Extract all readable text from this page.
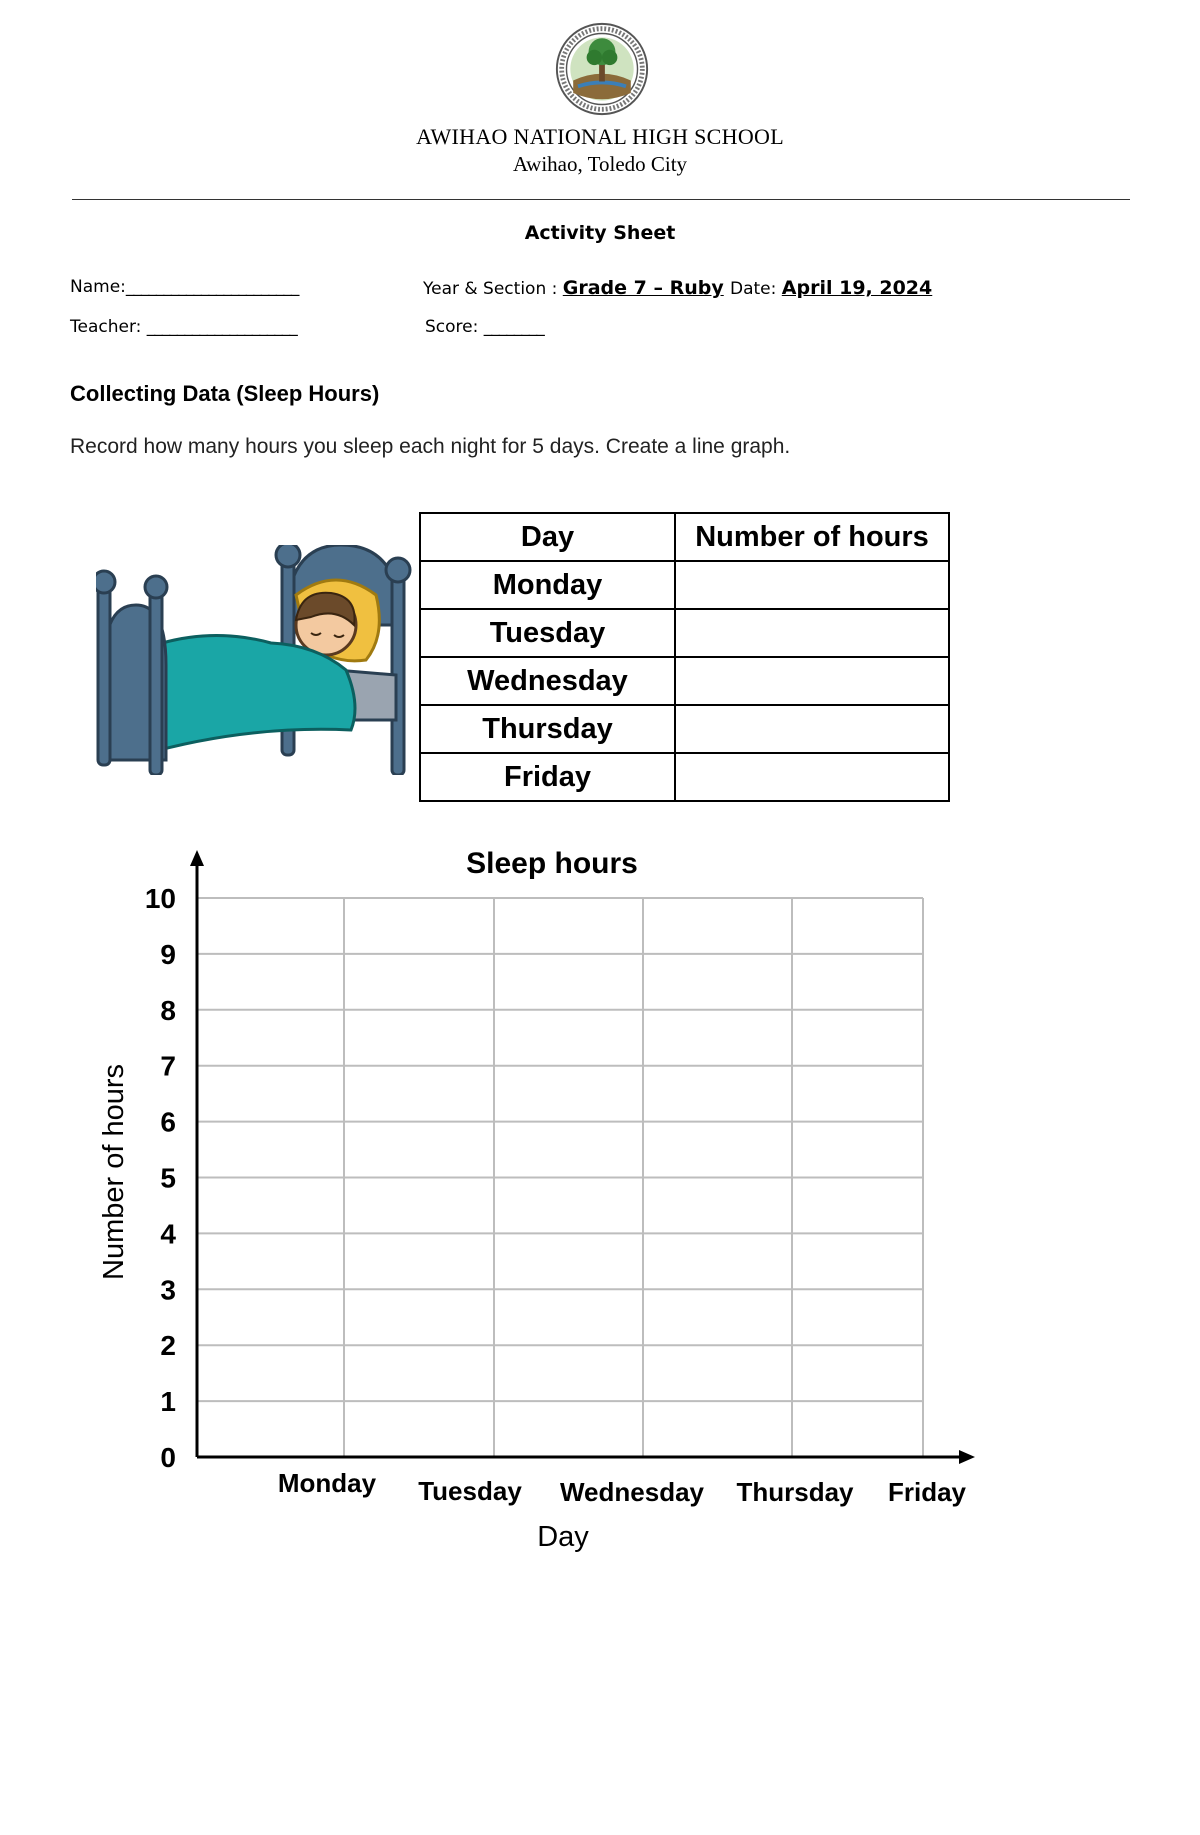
AWIHAO NATIONAL HIGH SCHOOL
Awihao, Toledo City
Activity Sheet
Name:_______________________	Year & Section : Grade 7 – Ruby Date: April 19, 2024
Teacher: ____________________	Score: ________
Collecting Data (Sleep Hours)
Record how many hours you sleep each night for 5 days. Create a line graph.
Day	Number of hours
Monday	
Tuesday	
Wednesday	
Thursday	
Friday	
0
1
2
3
4
5
6
7
8
9
10
Monday Tuesday Wednesday Thursday Friday
Sleep hours
Day
Number of hours
